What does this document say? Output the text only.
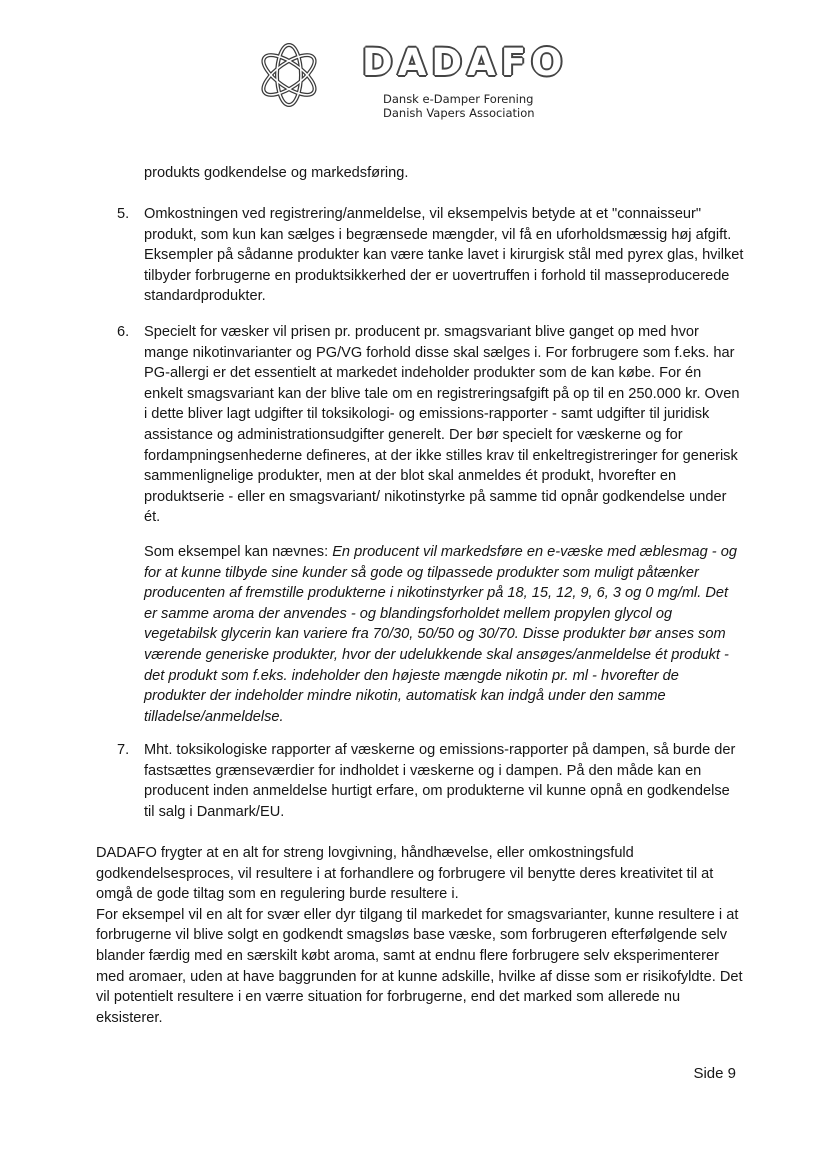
DADAFO
Dansk e-Damper Forening
Danish Vapers Association

produkts godkendelse og markedsføring.

5. Omkostningen ved registrering/anmeldelse, vil eksempelvis betyde at et "connaisseur" produkt, som kun kan sælges i begrænsede mængder, vil få en uforholdsmæssig høj afgift. Eksempler på sådanne produkter kan være tanke lavet i kirurgisk stål med pyrex glas, hvilket tilbyder forbrugerne en produktsikkerhed der er uovertruffen i forhold til masseproducerede standardprodukter.

6. Specielt for væsker vil prisen pr. producent pr. smagsvariant blive ganget op med hvor mange nikotinvarianter og PG/VG forhold disse skal sælges i. For forbrugere som f.eks. har PG-allergi er det essentielt at markedet indeholder produkter som de kan købe. For én enkelt smagsvariant kan der blive tale om en registreringsafgift på op til en 250.000 kr. Oven i dette bliver lagt udgifter til toksikologi- og emissions-rapporter - samt udgifter til juridisk assistance og administrationsudgifter generelt. Der bør specielt for væskerne og for fordampningsenhederne defineres, at der ikke stilles krav til enkeltregistreringer for generisk sammenlignelige produkter, men at der blot skal anmeldes ét produkt, hvorefter en produktserie - eller en smagsvariant/ nikotinstyrke på samme tid opnår godkendelse under ét.

Som eksempel kan nævnes: En producent vil markedsføre en e-væske med æblesmag - og for at kunne tilbyde sine kunder så gode og tilpassede produkter som muligt påtænker producenten af fremstille produkterne i nikotinstyrker på 18, 15, 12, 9, 6, 3 og 0 mg/ml. Det er samme aroma der anvendes - og blandingsforholdet mellem propylen glycol og vegetabilsk glycerin kan variere fra 70/30, 50/50 og 30/70. Disse produkter bør anses som værende generiske produkter, hvor der udelukkende skal ansøges/anmeldelse ét produkt - det produkt som f.eks. indeholder den højeste mængde nikotin pr. ml - hvorefter de produkter der indeholder mindre nikotin, automatisk kan indgå under den samme tilladelse/anmeldelse.

7. Mht. toksikologiske rapporter af væskerne og emissions-rapporter på dampen, så burde der fastsættes grænseværdier for indholdet i væskerne og i dampen. På den måde kan en producent inden anmeldelse hurtigt erfare, om produkterne vil kunne opnå en godkendelse til salg i Danmark/EU.

DADAFO frygter at en alt for streng lovgivning, håndhævelse, eller omkostningsfuld godkendelsesproces, vil resultere i at forhandlere og forbrugere vil benytte deres kreativitet til at omgå de gode tiltag som en regulering burde resultere i.

For eksempel vil en alt for svær eller dyr tilgang til markedet for smagsvarianter, kunne resultere i at forbrugerne vil blive solgt en godkendt smagsløs base væske, som forbrugeren efterfølgende selv blander færdig med en særskilt købt aroma, samt at endnu flere forbrugere selv eksperimenterer med aromaer, uden at have baggrunden for at kunne adskille, hvilke af disse som er risikofyldte. Det vil potentielt resultere i en værre situation for forbrugerne, end det marked som allerede nu eksisterer.

Side 9
